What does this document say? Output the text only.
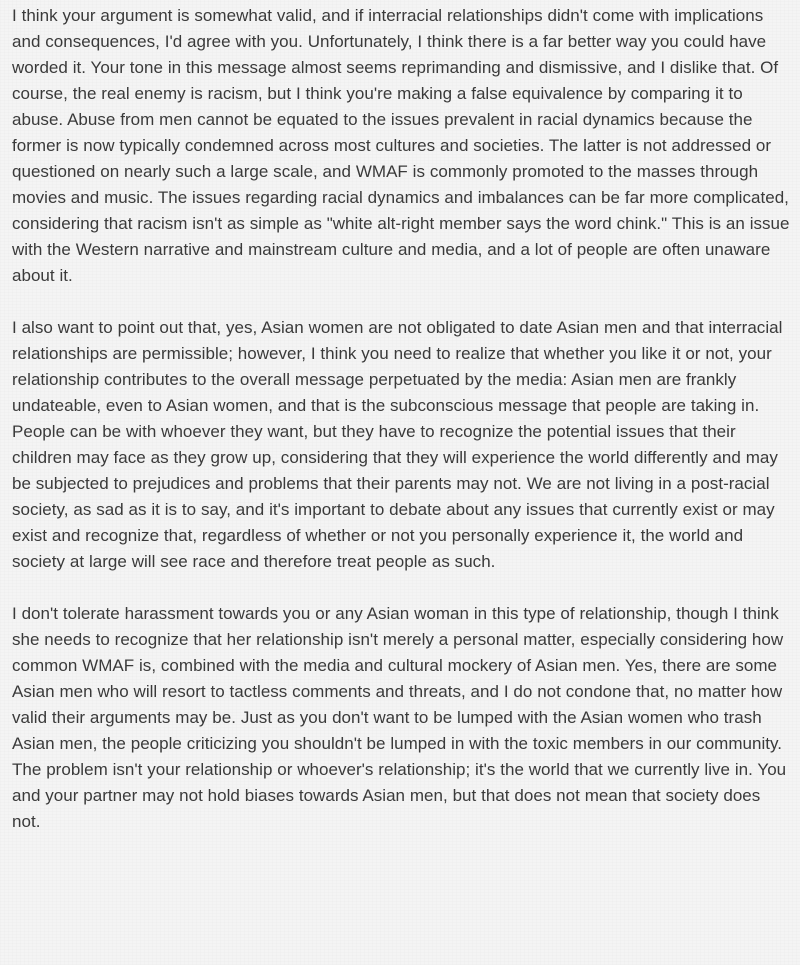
I think your argument is somewhat valid, and if interracial relationships didn't come with implications and consequences, I'd agree with you. Unfortunately, I think there is a far better way you could have worded it. Your tone in this message almost seems reprimanding and dismissive, and I dislike that. Of course, the real enemy is racism, but I think you're making a false equivalence by comparing it to abuse. Abuse from men cannot be equated to the issues prevalent in racial dynamics because the former is now typically condemned across most cultures and societies. The latter is not addressed or questioned on nearly such a large scale, and WMAF is commonly promoted to the masses through movies and music. The issues regarding racial dynamics and imbalances can be far more complicated, considering that racism isn't as simple as "white alt-right member says the word chink." This is an issue with the Western narrative and mainstream culture and media, and a lot of people are often unaware about it.

I also want to point out that, yes, Asian women are not obligated to date Asian men and that interracial relationships are permissible; however, I think you need to realize that whether you like it or not, your relationship contributes to the overall message perpetuated by the media: Asian men are frankly undateable, even to Asian women, and that is the subconscious message that people are taking in. People can be with whoever they want, but they have to recognize the potential issues that their children may face as they grow up, considering that they will experience the world differently and may be subjected to prejudices and problems that their parents may not. We are not living in a post-racial society, as sad as it is to say, and it's important to debate about any issues that currently exist or may exist and recognize that, regardless of whether or not you personally experience it, the world and society at large will see race and therefore treat people as such.

I don't tolerate harassment towards you or any Asian woman in this type of relationship, though I think she needs to recognize that her relationship isn't merely a personal matter, especially considering how common WMAF is, combined with the media and cultural mockery of Asian men. Yes, there are some Asian men who will resort to tactless comments and threats, and I do not condone that, no matter how valid their arguments may be. Just as you don't want to be lumped with the Asian women who trash Asian men, the people criticizing you shouldn't be lumped in with the toxic members in our community. The problem isn't your relationship or whoever's relationship; it's the world that we currently live in. You and your partner may not hold biases towards Asian men, but that does not mean that society does not.
